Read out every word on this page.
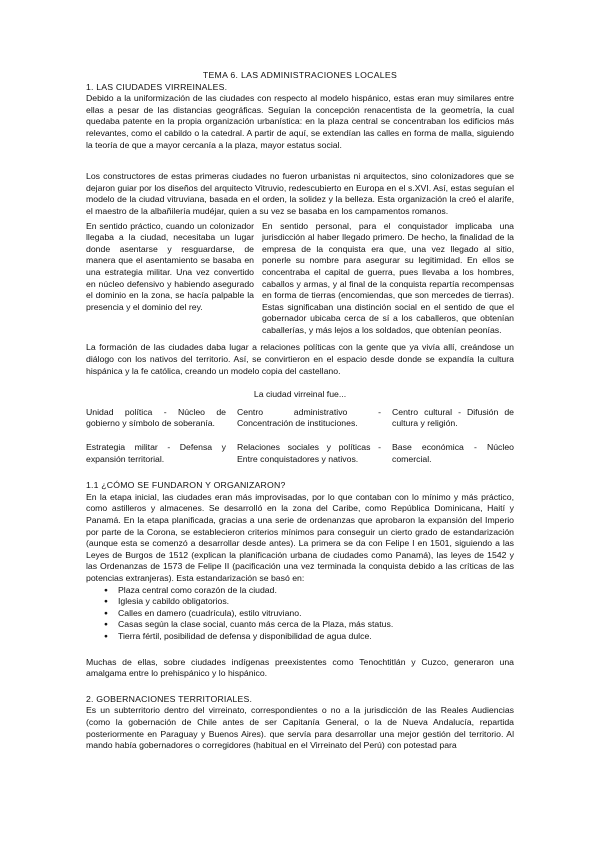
TEMA 6. LAS ADMINISTRACIONES LOCALES

1. LAS CIUDADES VIRREINALES.

Debido a la uniformización de las ciudades con respecto al modelo hispánico, estas eran muy similares entre ellas a pesar de las distancias geográficas. Seguían la concepción renacentista de la geometría, la cual quedaba patente en la propia organización urbanística: en la plaza central se concentraban los edificios más relevantes, como el cabildo o la catedral. A partir de aquí, se extendían las calles en forma de malla, siguiendo la teoría de que a mayor cercanía a la plaza, mayor estatus social.

Los constructores de estas primeras ciudades no fueron urbanistas ni arquitectos, sino colonizadores que se dejaron guiar por los diseños del arquitecto Vitruvio, redescubierto en Europa en el s.XVI. Así, estas seguían el modelo de la ciudad vitruviana, basada en el orden, la solidez y la belleza. Esta organización la creó el alarife, el maestro de la albañilería mudéjar, quien a su vez se basaba en los campamentos romanos.

En sentido práctico, cuando un colonizador llegaba a la ciudad, necesitaba un lugar donde asentarse y resguardarse, de manera que el asentamiento se basaba en una estrategia militar. Una vez convertido en núcleo defensivo y habiendo asegurado el dominio en la zona, se hacía palpable la presencia y el dominio del rey.

En sentido personal, para el conquistador implicaba una jurisdicción al haber llegado primero. De hecho, la finalidad de la empresa de la conquista era que, una vez llegado al sitio, ponerle su nombre para asegurar su legitimidad. En ellos se concentraba el capital de guerra, pues llevaba a los hombres, caballos y armas, y al final de la conquista repartía recompensas en forma de tierras (encomiendas, que son mercedes de tierras). Estas significaban una distinción social en el sentido de que el gobernador ubicaba cerca de sí a los caballeros, que obtenían caballerías, y más lejos a los soldados, que obtenían peonías.

La formación de las ciudades daba lugar a relaciones políticas con la gente que ya vivía allí, creándose un diálogo con los nativos del territorio. Así, se convirtieron en el espacio desde donde se expandía la cultura hispánica y la fe católica, creando un modelo copia del castellano.

La ciudad virreinal fue...

Unidad política - Núcleo de gobierno y símbolo de soberanía.
Centro administrativo - Concentración de instituciones.
Centro cultural - Difusión de cultura y religión.
Estrategia militar - Defensa y expansión territorial.
Relaciones sociales y políticas - Entre conquistadores y nativos.
Base económica - Núcleo comercial.

1.1 ¿CÓMO SE FUNDARON Y ORGANIZARON?

En la etapa inicial, las ciudades eran más improvisadas, por lo que contaban con lo mínimo y más práctico, como astilleros y almacenes. Se desarrolló en la zona del Caribe, como República Dominicana, Haití y Panamá. En la etapa planificada, gracias a una serie de ordenanzas que aprobaron la expansión del Imperio por parte de la Corona, se establecieron criterios mínimos para conseguir un cierto grado de estandarización (aunque esta se comenzó a desarrollar desde antes). La primera se da con Felipe I en 1501, siguiendo a las Leyes de Burgos de 1512 (explican la planificación urbana de ciudades como Panamá), las leyes de 1542 y las Ordenanzas de 1573 de Felipe II (pacificación una vez terminada la conquista debido a las críticas de las potencias extranjeras). Esta estandarización se basó en:

● Plaza central como corazón de la ciudad.
● Iglesia y cabildo obligatorios.
● Calles en damero (cuadrícula), estilo vitruviano.
● Casas según la clase social, cuanto más cerca de la Plaza, más status.
● Tierra fértil, posibilidad de defensa y disponibilidad de agua dulce.

Muchas de ellas, sobre ciudades indígenas preexistentes como Tenochtitlán y Cuzco, generaron una amalgama entre lo prehispánico y lo hispánico.

2. GOBERNACIONES TERRITORIALES.

Es un subterritorio dentro del virreinato, correspondientes o no a la jurisdicción de las Reales Audiencias (como la gobernación de Chile antes de ser Capitanía General, o la de Nueva Andalucía, repartida posteriormente en Paraguay y Buenos Aires). que servía para desarrollar una mejor gestión del territorio. Al mando había gobernadores o corregidores (habitual en el Virreinato del Perú) con potestad para
